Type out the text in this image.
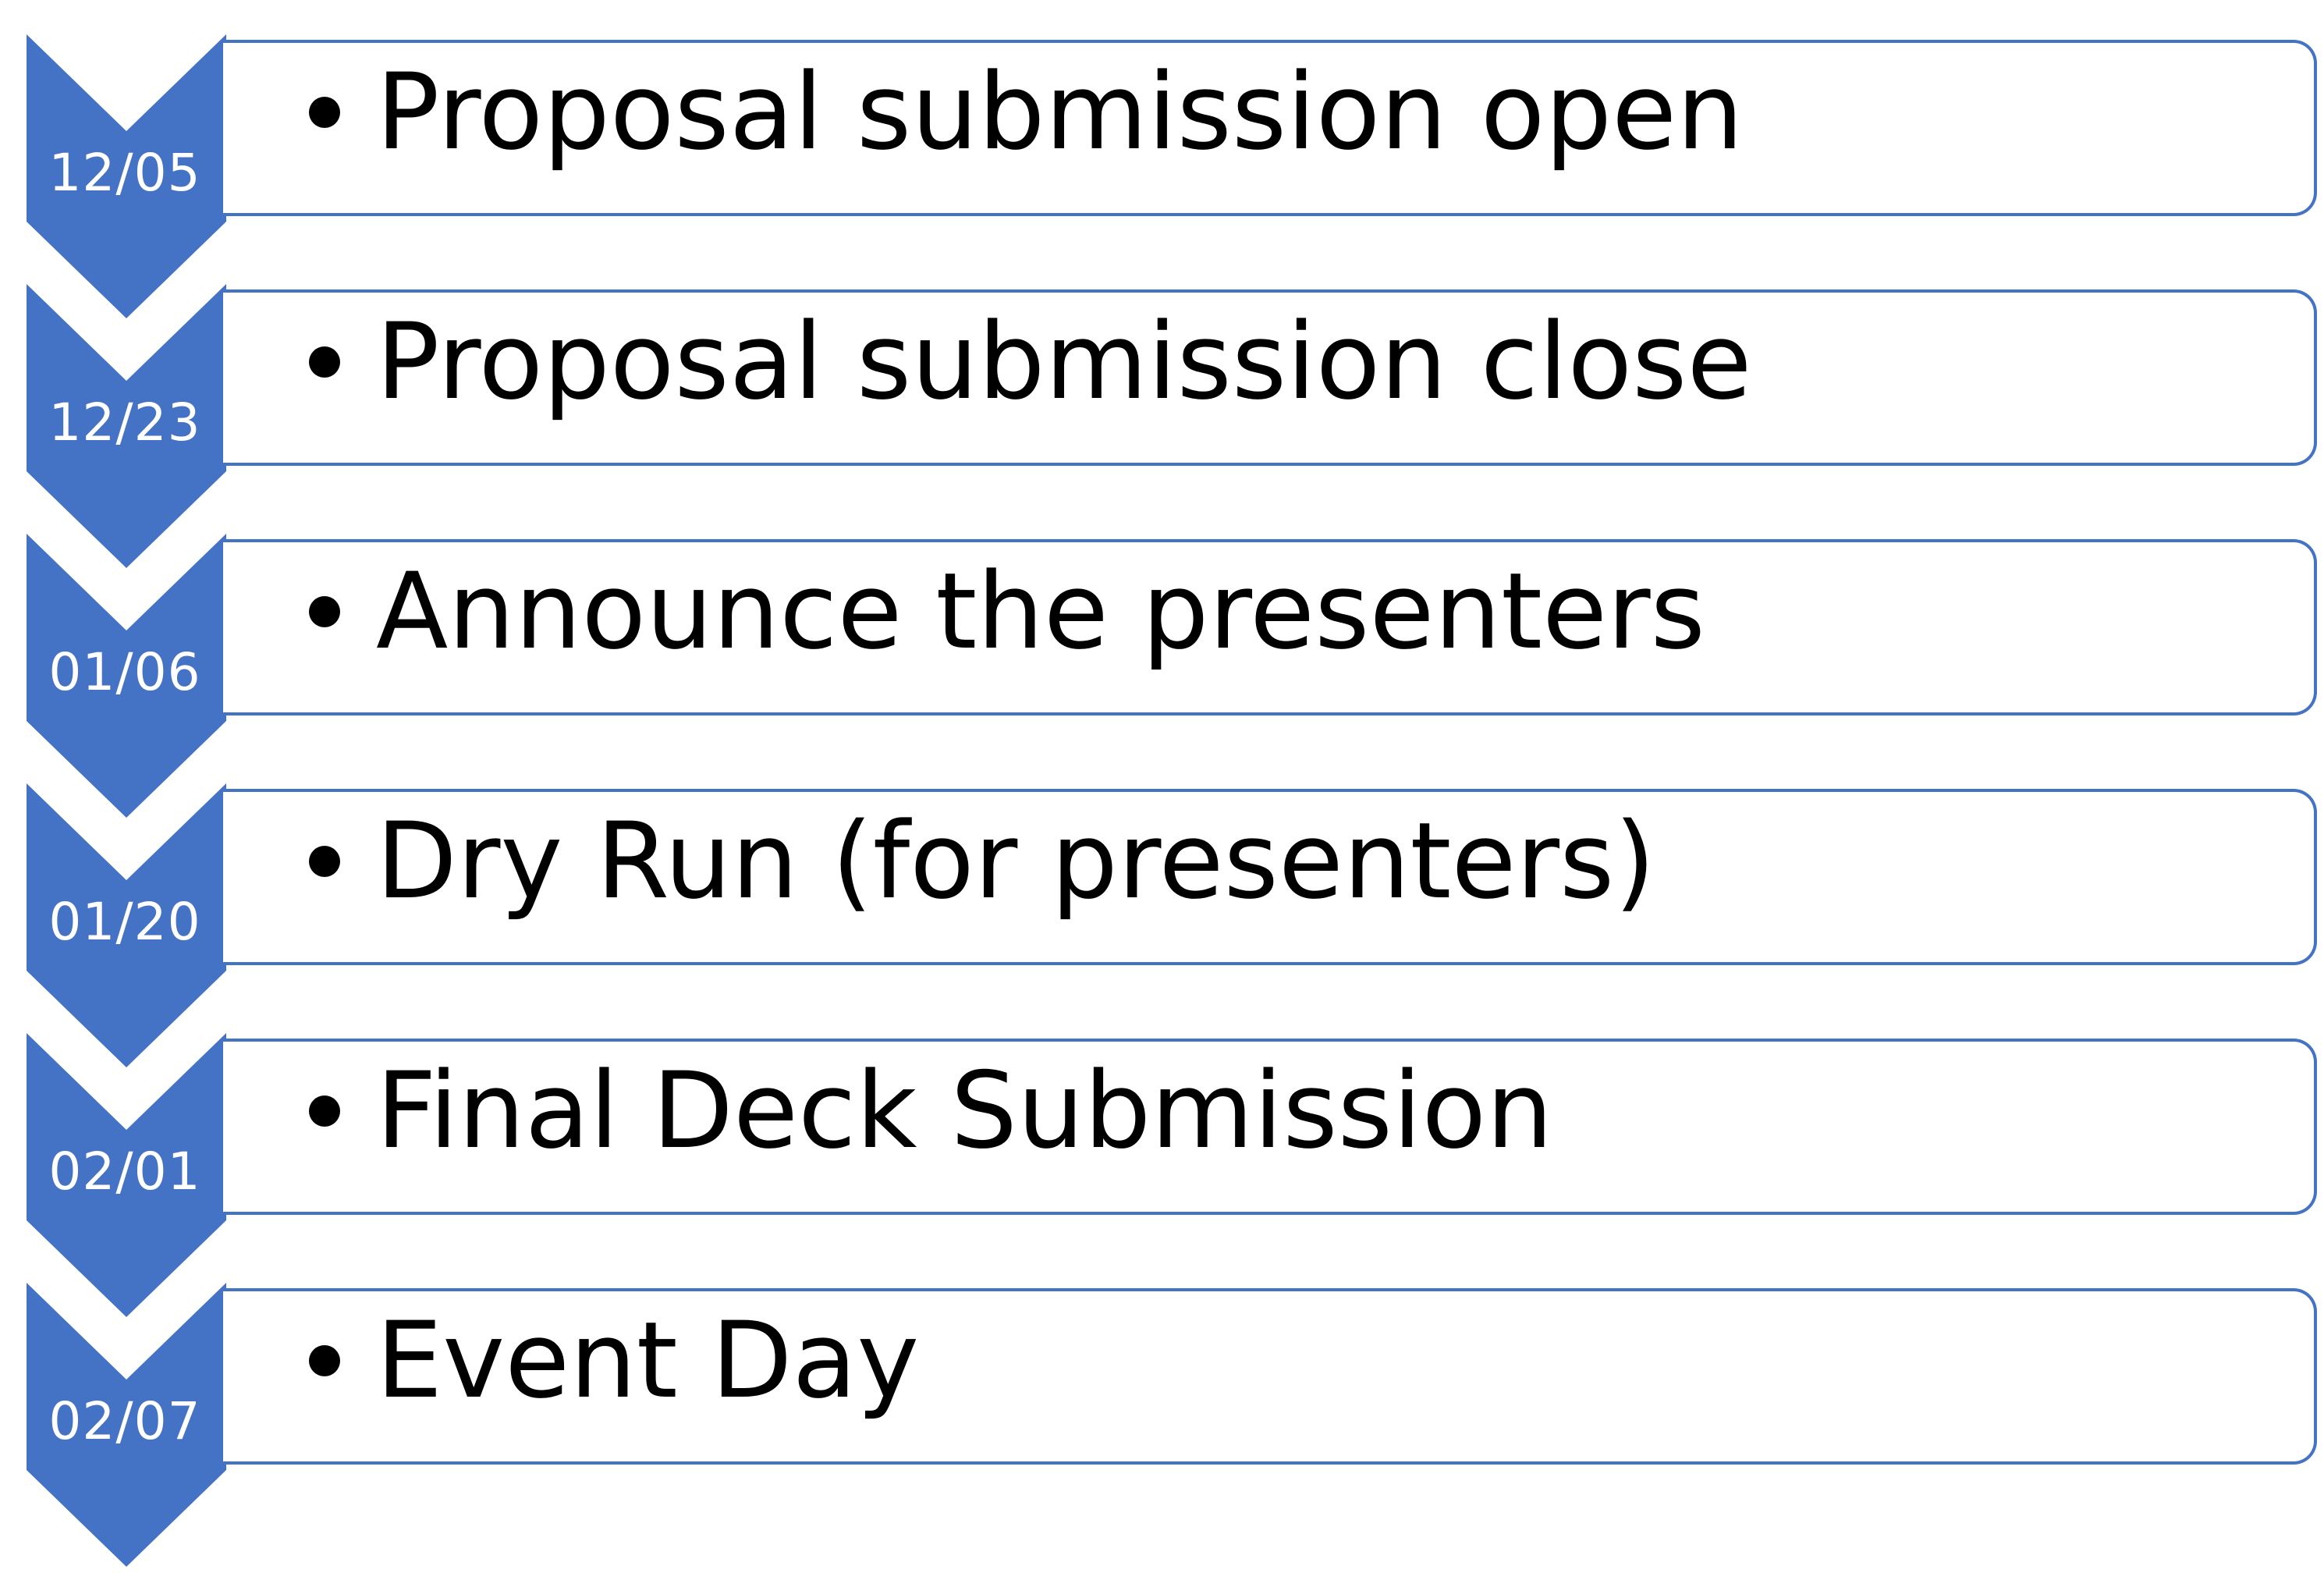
12/05 Proposal submission open
12/23 Proposal submission close
01/06 Announce the presenters
01/20 Dry Run (for presenters)
02/01 Final Deck Submission
02/07 Event Day
